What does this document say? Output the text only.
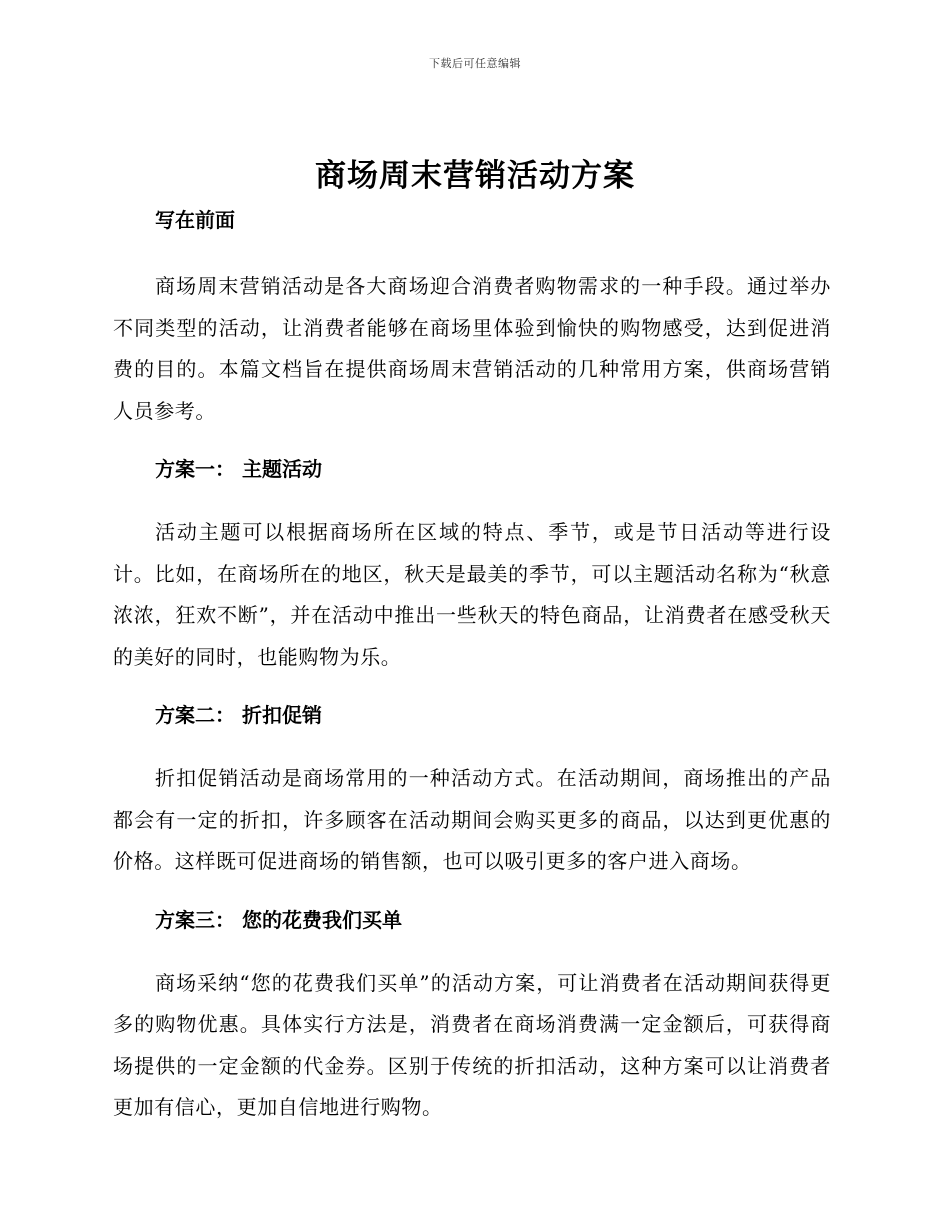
下载后可任意编辑
商场周末营销活动方案
写在前面

商场周末营销活动是各大商场迎合消费者购物需求的一种手段。通过举办不同类型的活动，让消费者能够在商场里体验到愉快的购物感受，达到促进消费的目的。本篇文档旨在提供商场周末营销活动的几种常用方案，供商场营销人员参考。

方案一： 主题活动

活动主题可以根据商场所在区域的特点、季节，或是节日活动等进行设计。比如，在商场所在的地区，秋天是最美的季节，可以主题活动名称为“秋意浓浓，狂欢不断”，并在活动中推出一些秋天的特色商品，让消费者在感受秋天的美好的同时，也能购物为乐。

方案二： 折扣促销

折扣促销活动是商场常用的一种活动方式。在活动期间，商场推出的产品都会有一定的折扣，许多顾客在活动期间会购买更多的商品，以达到更优惠的价格。这样既可促进商场的销售额，也可以吸引更多的客户进入商场。

方案三： 您的花费我们买单

商场采纳“您的花费我们买单”的活动方案，可让消费者在活动期间获得更多的购物优惠。具体实行方法是，消费者在商场消费满一定金额后，可获得商场提供的一定金额的代金券。区别于传统的折扣活动，这种方案可以让消费者更加有信心，更加自信地进行购物。
